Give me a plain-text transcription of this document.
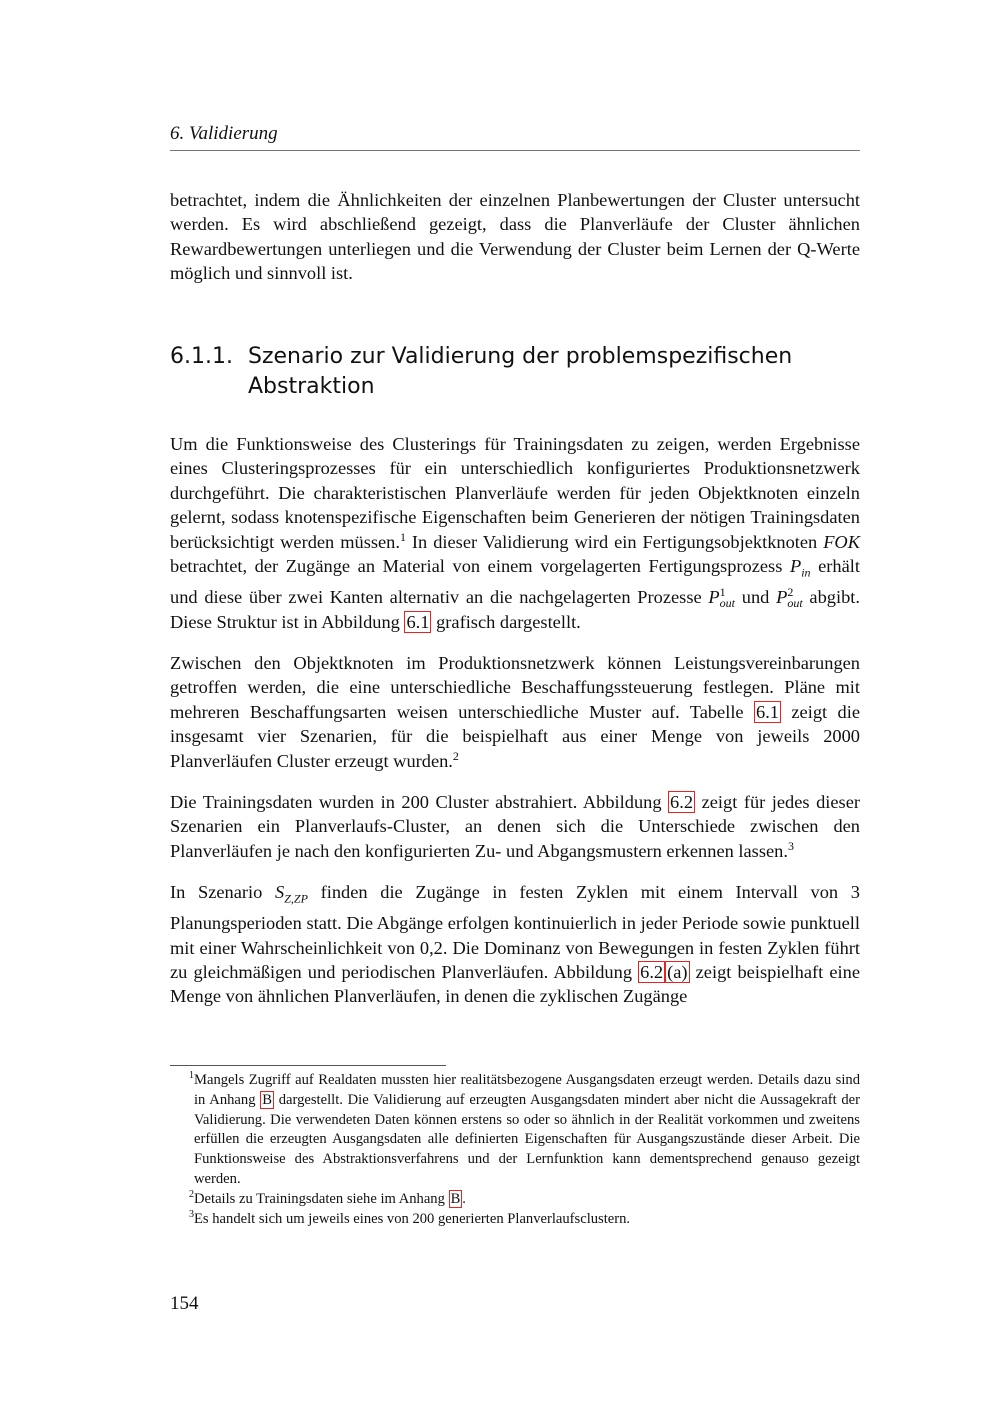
6. Validierung

betrachtet, indem die Ähnlichkeiten der einzelnen Planbewertungen der Cluster untersucht werden. Es wird abschließend gezeigt, dass die Planverläufe der Cluster ähnlichen Rewardbewertungen unterliegen und die Verwendung der Cluster beim Lernen der Q-Werte möglich und sinnvoll ist.

6.1.1. Szenario zur Validierung der problemspezifischen Abstraktion

Um die Funktionsweise des Clusterings für Trainingsdaten zu zeigen, werden Ergebnisse eines Clusteringsprozesses für ein unterschiedlich konfiguriertes Produktionsnetzwerk durchgeführt. Die charakteristischen Planverläufe werden für jeden Objektknoten einzeln gelernt, sodass knotenspezifische Eigenschaften beim Generieren der nötigen Trainingsdaten berücksichtigt werden müssen.$^1$ In dieser Validierung wird ein Fertigungsobjektknoten FOK betrachtet, der Zugänge an Material von einem vorgelagerten Fertigungsprozess $P_{in}$ erhält und diese über zwei Kanten alternativ an die nachgelagerten Prozesse P 1
out und P 2
out abgibt. Diese Struktur ist in Abbildung 6.1 grafisch dargestellt.

Zwischen den Objektknoten im Produktionsnetzwerk können Leistungsvereinbarungen getroffen werden, die eine unterschiedliche Beschaffungssteuerung festlegen. Pläne mit mehreren Beschaffungsarten weisen unterschiedliche Muster auf. Tabelle 6.1 zeigt die insgesamt vier Szenarien, für die beispielhaft aus einer Menge von jeweils 2000 Planverläufen Cluster erzeugt wurden.$^2$

Die Trainingsdaten wurden in 200 Cluster abstrahiert. Abbildung 6.2 zeigt für jedes dieser Szenarien ein Planverlaufs-Cluster, an denen sich die Unterschiede zwischen den Planverläufen je nach den konfigurierten Zu- und Abgangsmustern erkennen lassen.$^3$

In Szenario $S_{Z,ZP}$ finden die Zugänge in festen Zyklen mit einem Intervall von 3 Planungsperioden statt. Die Abgänge erfolgen kontinuierlich in jeder Periode sowie punktuell mit einer Wahrscheinlichkeit von 0,2. Die Dominanz von Bewegungen in festen Zyklen führt zu gleichmäßigen und periodischen Planverläufen. Abbildung 6.2 (a) zeigt beispielhaft eine Menge von ähnlichen Planverläufen, in denen die zyklischen Zugänge

$^1$ Mangels Zugriff auf Realdaten mussten hier realitätsbezogene Ausgangsdaten erzeugt werden. Details dazu sind in Anhang B dargestellt. Die Validierung auf erzeugten Ausgangsdaten mindert aber nicht die Aussagekraft der Validierung. Die verwendeten Daten können erstens so oder so ähnlich in der Realität vorkommen und zweitens erfüllen die erzeugten Ausgangsdaten alle definierten Eigenschaften für Ausgangszustände dieser Arbeit. Die Funktionsweise des Abstraktionsverfahrens und der Lernfunktion kann dementsprechend genauso gezeigt werden.
$^2$ Details zu Trainingsdaten siehe im Anhang B .
$^3$ Es handelt sich um jeweils eines von 200 generierten Planverlaufsclustern.
154
